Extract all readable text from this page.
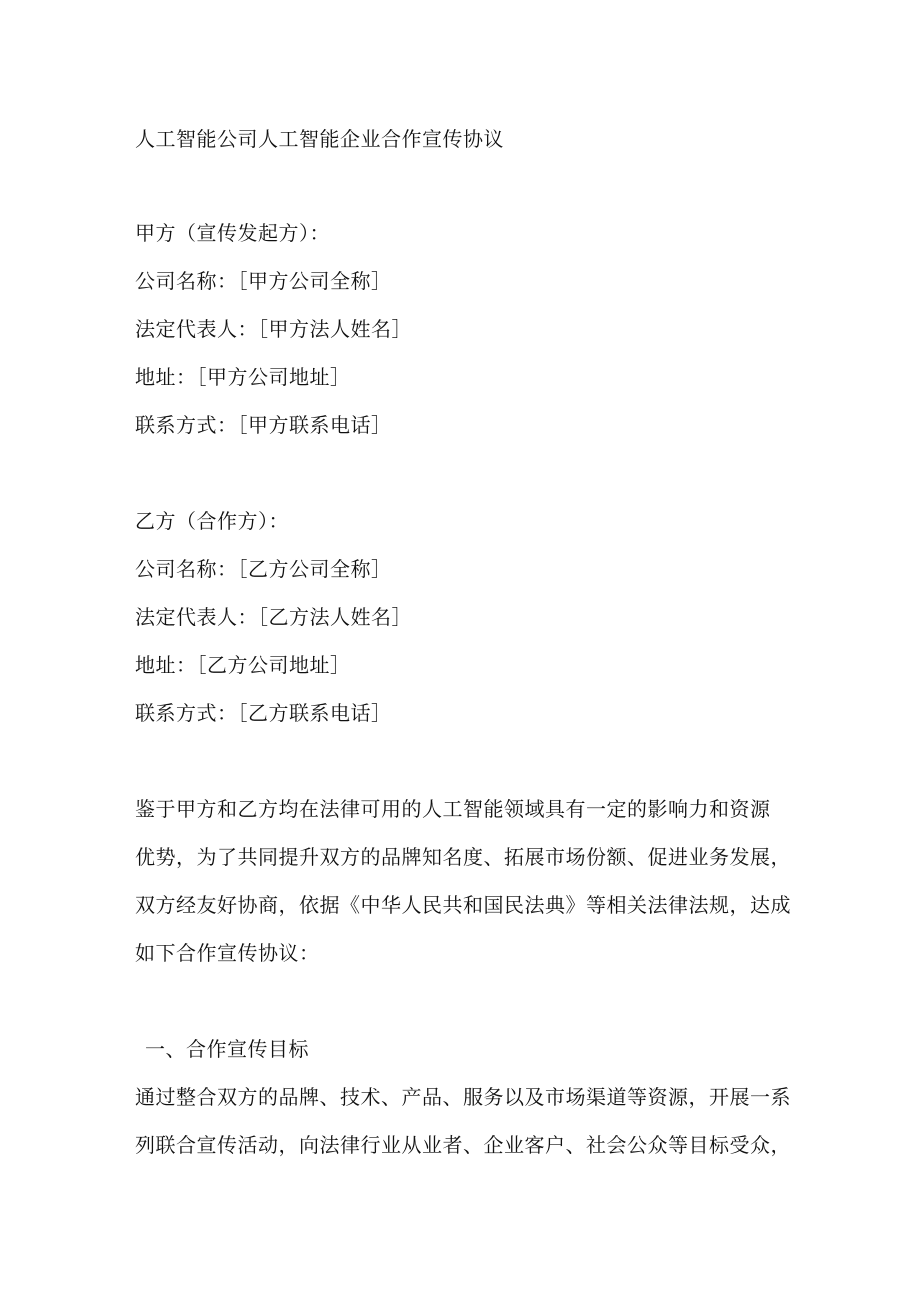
人工智能公司人工智能企业合作宣传协议
甲方（宣传发起方）：
公司名称：［甲方公司全称］
法定代表人：［甲方法人姓名］
地址：［甲方公司地址］
联系方式：［甲方联系电话］
乙方（合作方）：
公司名称：［乙方公司全称］
法定代表人：［乙方法人姓名］
地址：［乙方公司地址］
联系方式：［乙方联系电话］
鉴于甲方和乙方均在法律可用的人工智能领域具有一定的影响力和资源
优势，为了共同提升双方的品牌知名度、拓展市场份额、促进业务发展，
双方经友好协商，依据《中华人民共和国民法典》等相关法律法规，达成
如下合作宣传协议：
一、合作宣传目标
通过整合双方的品牌、技术、产品、服务以及市场渠道等资源，开展一系
列联合宣传活动，向法律行业从业者、企业客户、社会公众等目标受众，
